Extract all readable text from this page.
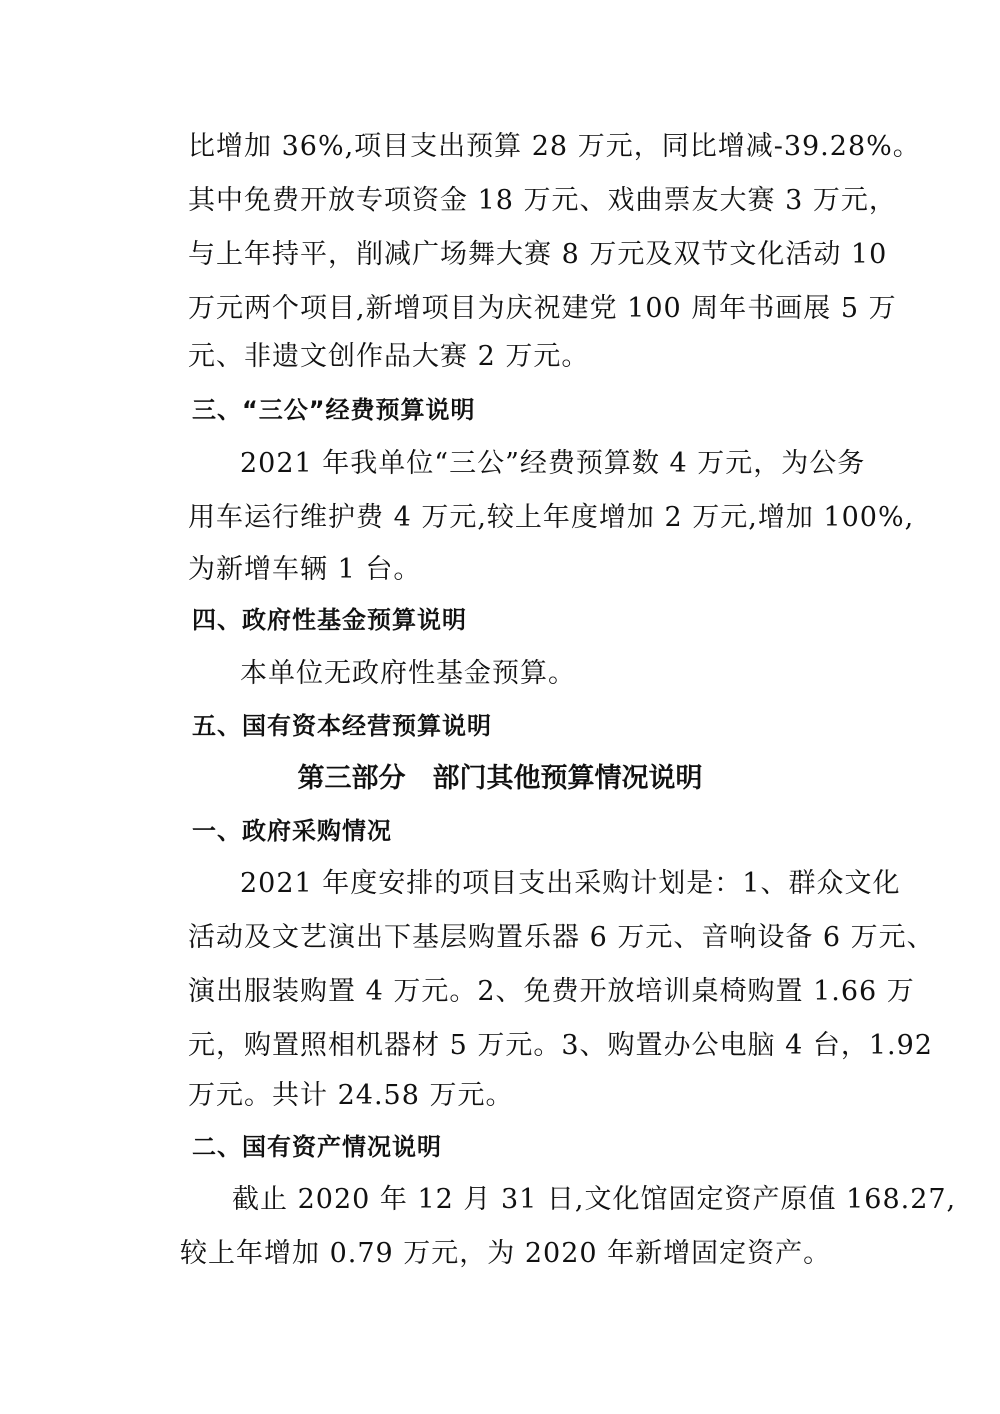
比增加 36%,项目支出预算 28 万元，同比增减-39.28%。
其中免费开放专项资金 18 万元、戏曲票友大赛 3 万元，
与上年持平，削减广场舞大赛 8 万元及双节文化活动 10
万元两个项目,新增项目为庆祝建党 100 周年书画展 5 万
元、非遗文创作品大赛 2 万元。
三、“三公”经费预算说明
2021 年我单位“三公”经费预算数 4 万元，为公务
用车运行维护费 4 万元,较上年度增加 2 万元,增加 100%,
为新增车辆 1 台。
四、政府性基金预算说明
本单位无政府性基金预算。
五、国有资本经营预算说明
第三部分　部门其他预算情况说明
一、政府采购情况
2021 年度安排的项目支出采购计划是：1、群众文化
活动及文艺演出下基层购置乐器 6 万元、音响设备 6 万元、
演出服装购置 4 万元。2、免费开放培训桌椅购置 1.66 万
元，购置照相机器材 5 万元。3、购置办公电脑 4 台，1.92
万元。共计 24.58 万元。
二、国有资产情况说明
截止 2020 年 12 月 31 日,文化馆固定资产原值 168.27,
较上年增加 0.79 万元，为 2020 年新增固定资产。
